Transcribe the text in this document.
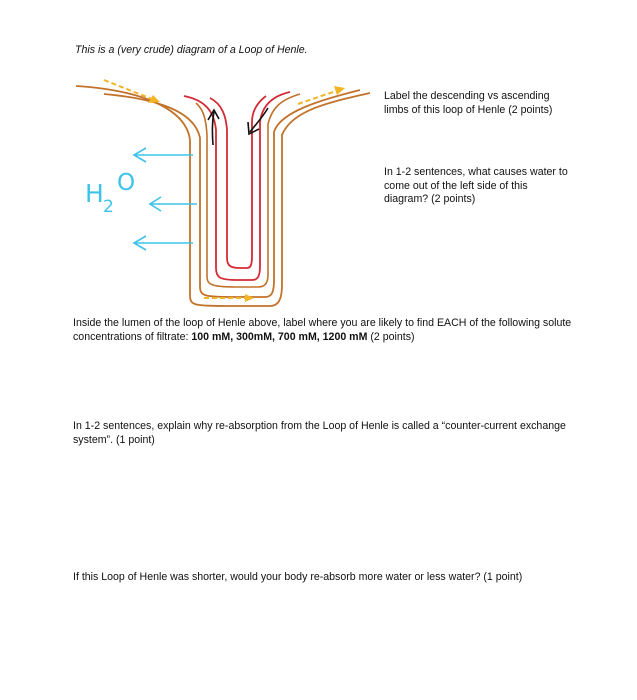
This is a (very crude) diagram of a Loop of Henle.

H 2 O

Label the descending vs ascending limbs of this loop of Henle (2 points)

In 1-2 sentences, what causes water to come out of the left side of this diagram? (2 points)

Inside the lumen of the loop of Henle above, label where you are likely to find EACH of the following solute concentrations of filtrate: 100 mM, 300mM, 700 mM, 1200 mM (2 points)

In 1-2 sentences, explain why re-absorption from the Loop of Henle is called a “counter-current exchange system”. (1 point)

If this Loop of Henle was shorter, would your body re-absorb more water or less water? (1 point)
